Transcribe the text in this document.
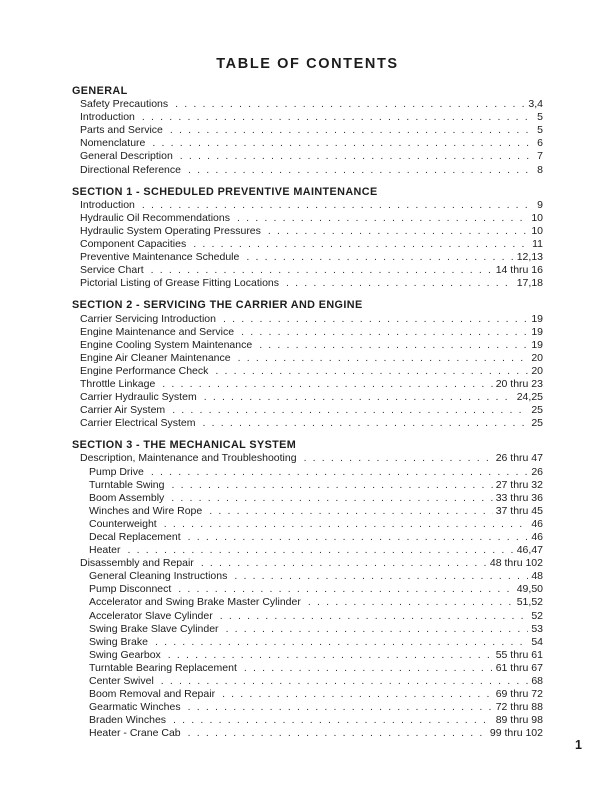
TABLE OF CONTENTS
GENERAL
Safety Precautions .....	3,4
Introduction .....	5
Parts and Service .....	5
Nomenclature .....	6
General Description .....	7
Directional Reference .....	8
SECTION 1 - SCHEDULED PREVENTIVE MAINTENANCE
Introduction .....	9
Hydraulic Oil Recommendations .....	10
Hydraulic System Operating Pressures .....	10
Component Capacities .....	11
Preventive Maintenance Schedule .....	12,13
Service Chart .....	14 thru 16
Pictorial Listing of Grease Fitting Locations .....	17,18
SECTION 2 - SERVICING THE CARRIER AND ENGINE
Carrier Servicing Introduction .....	19
Engine Maintenance and Service .....	19
Engine Cooling System Maintenance .....	19
Engine Air Cleaner Maintenance .....	20
Engine Performance Check .....	20
Throttle Linkage .....	20 thru 23
Carrier Hydraulic System .....	24,25
Carrier Air System .....	25
Carrier Electrical System .....	25
SECTION 3 - THE MECHANICAL SYSTEM
Description, Maintenance and Troubleshooting .....	26 thru 47
Pump Drive .....	26
Turntable Swing .....	27 thru 32
Boom Assembly .....	33 thru 36
Winches and Wire Rope .....	37 thru 45
Counterweight .....	46
Decal Replacement .....	46
Heater .....	46,47
Disassembly and Repair .....	48 thru 102
General Cleaning Instructions .....	48
Pump Disconnect .....	49,50
Accelerator and Swing Brake Master Cylinder .....	51,52
Accelerator Slave Cylinder .....	52
Swing Brake Slave Cylinder .....	53
Swing Brake .....	54
Swing Gearbox .....	55 thru 61
Turntable Bearing Replacement .....	61 thru 67
Center Swivel .....	68
Boom Removal and Repair .....	69 thru 72
Gearmatic Winches .....	72 thru 88
Braden Winches .....	89 thru 98
Heater - Crane Cab .....	99 thru 102
1
